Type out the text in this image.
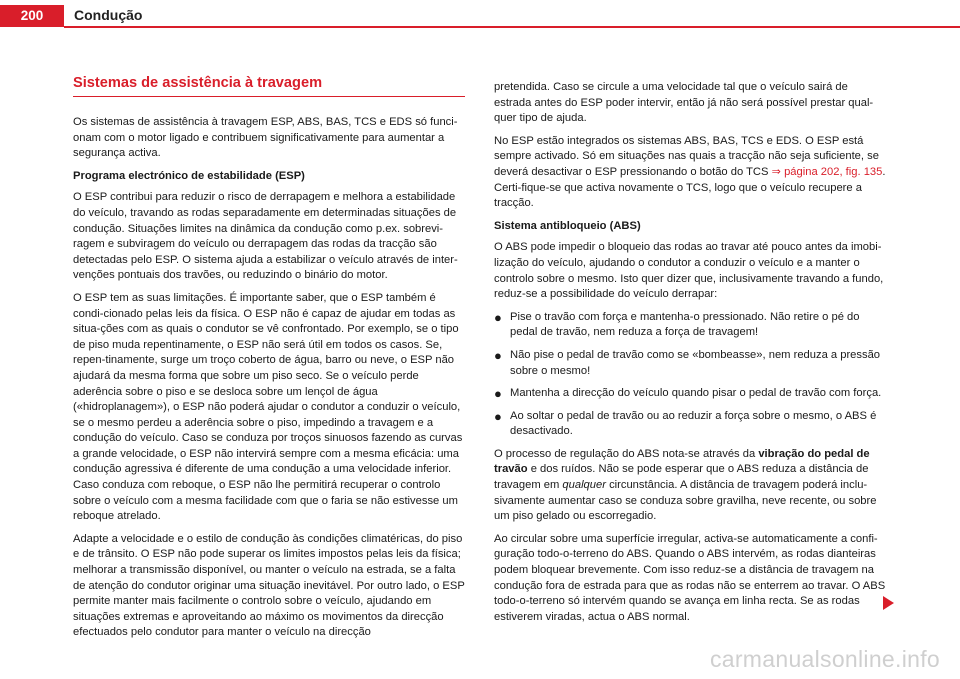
200	Condução
Sistemas de assistência à travagem

Os sistemas de assistência à travagem ESP, ABS, BAS, TCS e EDS só funci-onam com o motor ligado e contribuem significativamente para aumentar a segurança activa.

Programa electrónico de estabilidade (ESP)

O ESP contribui para reduzir o risco de derrapagem e melhora a estabilidade do veículo, travando as rodas separadamente em determinadas situações de condução. Situações limites na dinâmica da condução como p.ex. sobrevi-ragem e subviragem do veículo ou derrapagem das rodas da tracção são detectadas pelo ESP. O sistema ajuda a estabilizar o veículo através de inter-venções pontuais dos travões, ou reduzindo o binário do motor.

O ESP tem as suas limitações. É importante saber, que o ESP também é condi-cionado pelas leis da física. O ESP não é capaz de ajudar em todas as situa-ções com as quais o condutor se vê confrontado. Por exemplo, se o tipo de piso muda repentinamente, o ESP não será útil em todos os casos. Se, repen-tinamente, surge um troço coberto de água, barro ou neve, o ESP não ajudará da mesma forma que sobre um piso seco. Se o veículo perde aderência sobre o piso e se desloca sobre um lençol de água («hidroplanagem»), o ESP não poderá ajudar o condutor a conduzir o veículo, se o mesmo perdeu a aderência sobre o piso, impedindo a travagem e a condução do veículo. Caso se conduza por troços sinuosos fazendo as curvas a grande velocidade, o ESP não intervirá sempre com a mesma eficácia: uma condução agressiva é diferente de uma condução a uma velocidade inferior. Caso conduza com reboque, o ESP não lhe permitirá recuperar o controlo sobre o veículo com a mesma facilidade com que o faria se não estivesse um reboque atrelado.

Adapte a velocidade e o estilo de condução às condições climatéricas, do piso e de trânsito. O ESP não pode superar os limites impostos pelas leis da física; melhorar a transmissão disponível, ou manter o veículo na estrada, se a falta de atenção do condutor originar uma situação inevitável. Por outro lado, o ESP permite manter mais facilmente o controlo sobre o veículo, ajudando em situações extremas e aproveitando ao máximo os movimentos da direcção efectuados pelo condutor para manter o veículo na direcção

pretendida. Caso se circule a uma velocidade tal que o veículo sairá de estrada antes do ESP poder intervir, então já não será possível prestar qual-quer tipo de ajuda.

No ESP estão integrados os sistemas ABS, BAS, TCS e EDS. O ESP está sempre activado. Só em situações nas quais a tracção não seja suficiente, se deverá desactivar o ESP pressionando o botão do TCS ⇒ página 202, fig. 135. Certi-fique-se que activa novamente o TCS, logo que o veículo recupere a tracção.

Sistema antibloqueio (ABS)

O ABS pode impedir o bloqueio das rodas ao travar até pouco antes da imobi-lização do veículo, ajudando o condutor a conduzir o veículo e a manter o controlo sobre o mesmo. Isto quer dizer que, inclusivamente travando a fundo, reduz-se a possibilidade do veículo derrapar:

● Pise o travão com força e mantenha-o pressionado. Não retire o pé do pedal de travão, nem reduza a força de travagem!
● Não pise o pedal de travão como se «bombeasse», nem reduza a pressão sobre o mesmo!
● Mantenha a direcção do veículo quando pisar o pedal de travão com força.
● Ao soltar o pedal de travão ou ao reduzir a força sobre o mesmo, o ABS é desactivado.

O processo de regulação do ABS nota-se através da vibração do pedal de travão e dos ruídos. Não se pode esperar que o ABS reduza a distância de travagem em qualquer circunstância. A distância de travagem poderá inclu-sivamente aumentar caso se conduza sobre gravilha, neve recente, ou sobre um piso gelado ou escorregadio.

Ao circular sobre uma superfície irregular, activa-se automaticamente a confi-guração todo-o-terreno do ABS. Quando o ABS intervém, as rodas dianteiras podem bloquear brevemente. Com isso reduz-se a distância de travagem na condução fora de estrada para que as rodas não se enterrem ao travar. O ABS todo-o-terreno só intervém quando se avança em linha recta. Se as rodas estiverem viradas, actua o ABS normal.

carmanualsonline.info
